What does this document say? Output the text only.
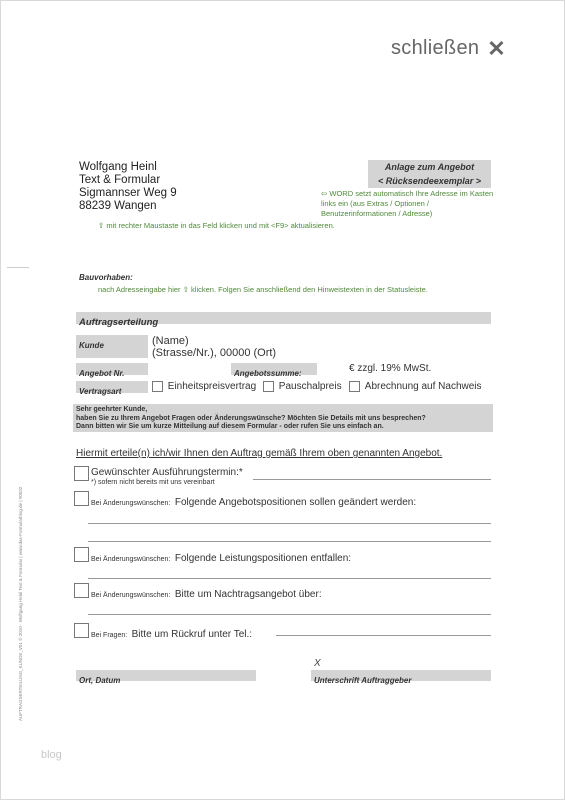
schließen ✕
Wolfgang Heinl
Text & Formular
Sigmannser Weg 9
88239 Wangen
Anlage zum Angebot
< Rücksendeexemplar >
⇦ WORD setzt automatisch Ihre Adresse im Kasten links ein (aus Extras / Optionen / Benutzerinformationen / Adresse)
⇧ mit rechter Maustaste in das Feld klicken und mit <F9> aktualisieren.
Bauvorhaben:
nach Adresseingabe hier ⇧ klicken. Folgen Sie anschließend den Hinweistexten in der Statusleiste.
Auftragserteilung
Kunde	(Name)
(Strasse/Nr.), 00000 (Ort)
Angebot Nr.	Angebotssumme:	€ zzgl. 19% MwSt.
Vertragsart	Einheitspreisvertrag	Pauschalpreis	Abrechnung auf Nachweis
Sehr geehrter Kunde,
haben Sie zu Ihrem Angebot Fragen oder Änderungswünsche? Möchten Sie Details mit uns besprechen?
Dann bitten wir Sie um kurze Mitteilung auf diesem Formular - oder rufen Sie uns einfach an.
Hiermit erteile(n) ich/wir Ihnen den Auftrag gemäß Ihrem oben genannten Angebot.
Gewünschter Ausführungstermin:*
*) sofern nicht bereits mit uns vereinbart
Bei Änderungswünschen: Folgende Angebotspositionen sollen geändert werden:
Bei Änderungswünschen: Folgende Leistungspositionen entfallen:
Bei Änderungswünschen: Bitte um Nachtragsangebot über:
Bei Fragen: Bitte um Rückruf unter Tel.:
X
Ort, Datum	Unterschrift Auftraggeber
AUFTRAGSERTEILUNG_KUNDE_V01 © 2010 · Wolfgang Heinl Text & Formular | www.das-Formularblog.de | #0032
blog
